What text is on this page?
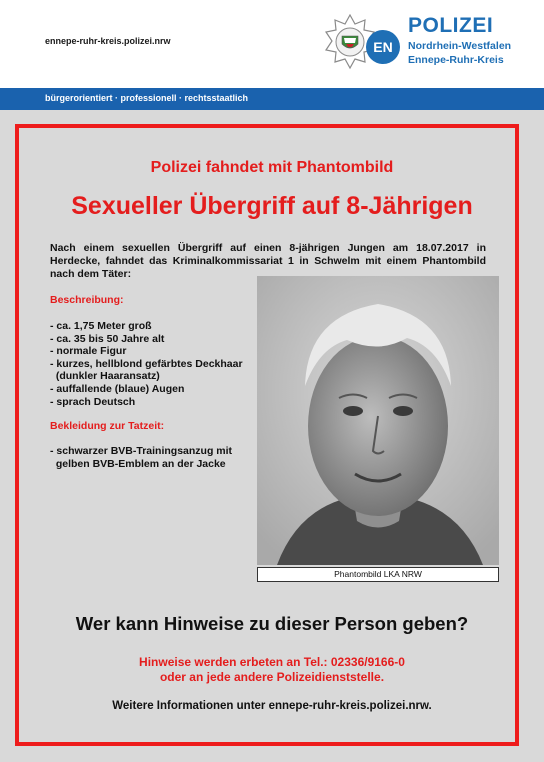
ennepe-ruhr-kreis.polizei.nrw	EN
POLIZEI
Nordrhein-Westfalen
Ennepe-Ruhr-Kreis
bürgerorientiert · professionell · rechtsstaatlich
Polizei fahndet mit Phantombild
Sexueller Übergriff auf 8-Jährigen
Nach einem sexuellen Übergriff auf einen 8-jährigen Jungen am 18.07.2017 in Herdecke, fahndet das Kriminalkommissariat 1 in Schwelm mit einem Phantombild nach dem Täter:
Beschreibung:
- ca. 1,75 Meter groß
- ca. 35 bis 50 Jahre alt
- normale Figur
- kurzes, hellblond gefärbtes Deckhaar
(dunkler Haaransatz)
- auffallende (blaue) Augen
- sprach Deutsch
Bekleidung zur Tatzeit:
- schwarzer BVB-Trainingsanzug mit
gelben BVB-Emblem an der Jacke
Phantombild LKA NRW
Wer kann Hinweise zu dieser Person geben?
Hinweise werden erbeten an Tel.: 02336/9166-0
oder an jede andere Polizeidienststelle.
Weitere Informationen unter ennepe-ruhr-kreis.polizei.nrw.
